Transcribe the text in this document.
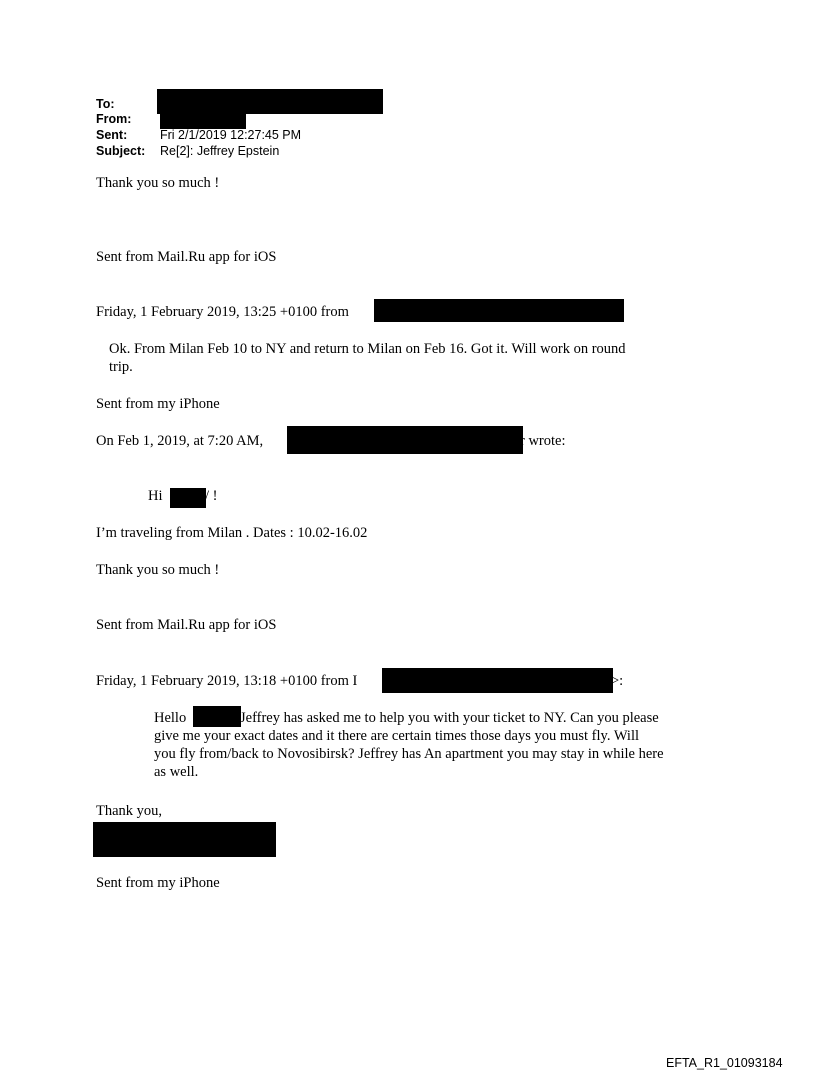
To:
From:
Sent:	Fri 2/1/2019 12:27:45 PM
Subject: Re[2]: Jeffrey Epstein
Thank you so much !
Sent from Mail.Ru app for iOS
Friday, 1 February 2019, 13:25 +0100 from
Ok. From Milan Feb 10 to NY and return to Milan on Feb 16. Got it. Will work on round
trip.
Sent from my iPhone
On Feb 1, 2019, at 7:20 AM,	r wrote:
Hi	/ !
I’m traveling from Milan . Dates : 10.02-16.02
Thank you so much !
Sent from Mail.Ru app for iOS
Friday, 1 February 2019, 13:18 +0100 from I	>:
Hello	Jeffrey has asked me to help you with your ticket to NY. Can you please
give me your exact dates and it there are certain times those days you must fly. Will
you fly from/back to Novosibirsk? Jeffrey has An apartment you may stay in while here
as well.
Thank you,
Sent from my iPhone
EFTA_R1_01093184
